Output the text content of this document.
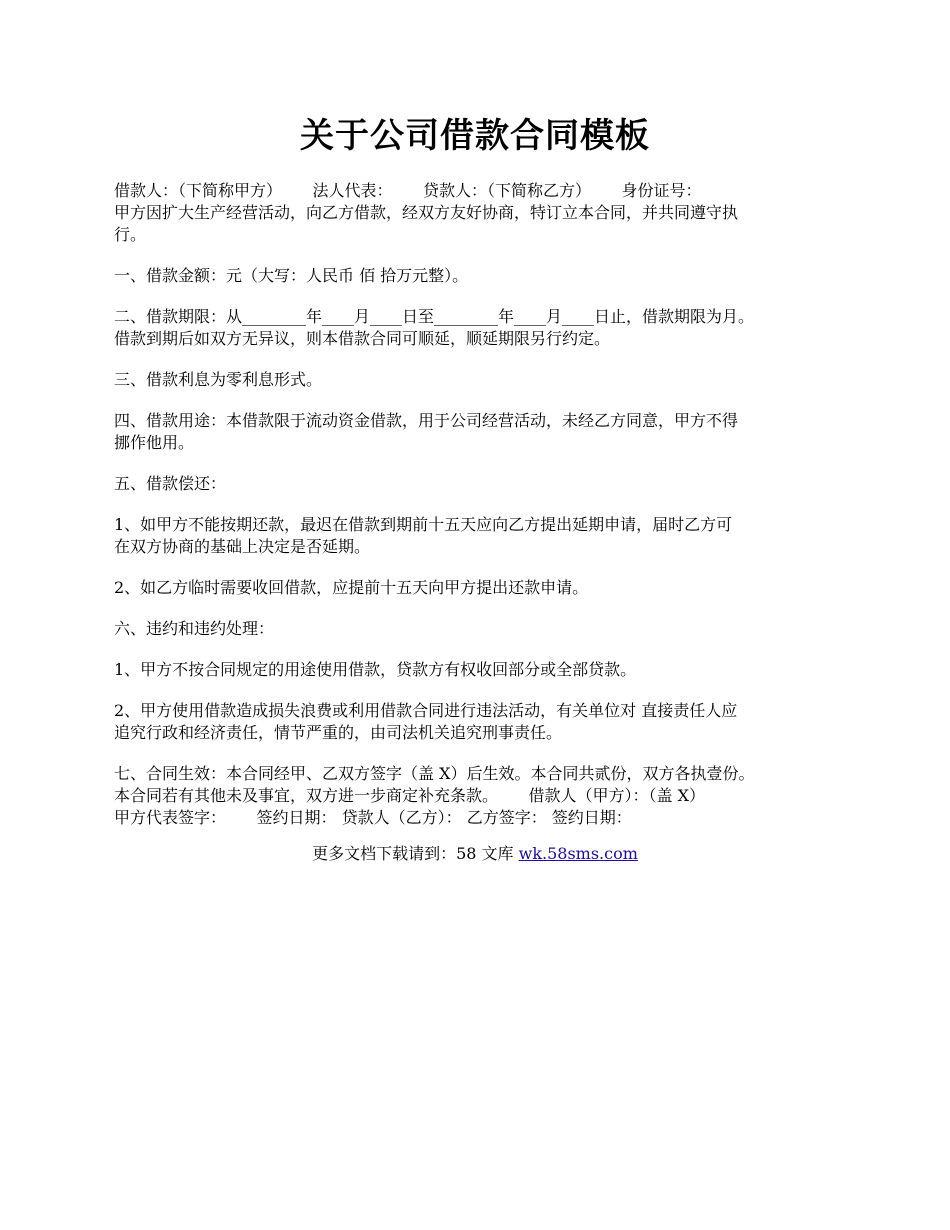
关于公司借款合同模板

借款人：（下简称甲方）      法人代表：      贷款人：（下简称乙方）      身份证号：
甲方因扩大生产经营活动，向乙方借款，经双方友好协商，特订立本合同，并共同遵守执
行。

一、借款金额：元（大写：人民币 佰 拾万元整）。

二、借款期限：从________年____月____日至________年____月____日止，借款期限为月。
借款到期后如双方无异议，则本借款合同可顺延，顺延期限另行约定。

三、借款利息为零利息形式。

四、借款用途：本借款限于流动资金借款，用于公司经营活动，未经乙方同意，甲方不得
挪作他用。

五、借款偿还：

1、如甲方不能按期还款，最迟在借款到期前十五天应向乙方提出延期申请，届时乙方可
在双方协商的基础上决定是否延期。

2、如乙方临时需要收回借款，应提前十五天向甲方提出还款申请。

六、违约和违约处理：

1、甲方不按合同规定的用途使用借款，贷款方有权收回部分或全部贷款。

2、甲方使用借款造成损失浪费或利用借款合同进行违法活动，有关单位对 直接责任人应
追究行政和经济责任，情节严重的，由司法机关追究刑事责任。

七、合同生效：本合同经甲、乙双方签字（盖 X）后生效。本合同共贰份，双方各执壹份。
本合同若有其他未及事宜，双方进一步商定补充条款。      借款人（甲方）：（盖 X）
甲方代表签字：      签约日期： 贷款人（乙方）： 乙方签字： 签约日期：

更多文档下载请到：58 文库 wk.58sms.com
